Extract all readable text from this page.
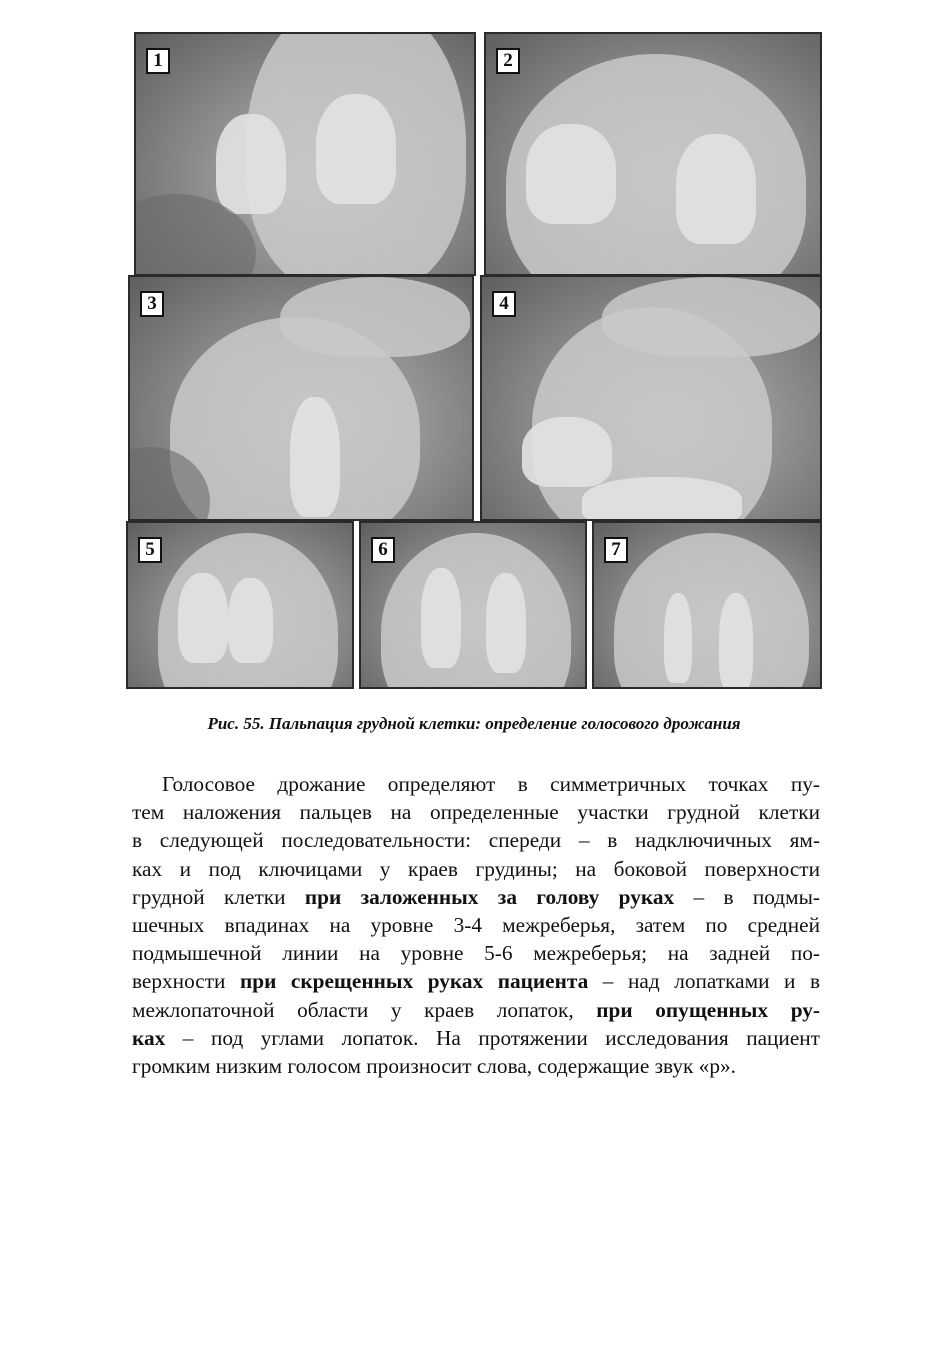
1	2
3	4
5	6	7
Рис. 55. Пальпация грудной клетки: определение голосового дрожания

Голосовое дрожание определяют в симметричных точках пу-
тем наложения пальцев на определенные участки грудной клетки
в следующей последовательности: спереди – в надключичных ям-
ках и под ключицами у краев грудины; на боковой поверхности
грудной клетки при заложенных за голову руках – в подмы-
шечных впадинах на уровне 3-4 межреберья, затем по средней
подмышечной линии на уровне 5-6 межреберья; на задней по-
верхности при скрещенных руках пациента – над лопатками и в
межлопаточной области у краев лопаток, при опущенных ру-
ках – под углами лопаток. На протяжении исследования пациент
громким низким голосом произносит слова, содержащие звук «р».
